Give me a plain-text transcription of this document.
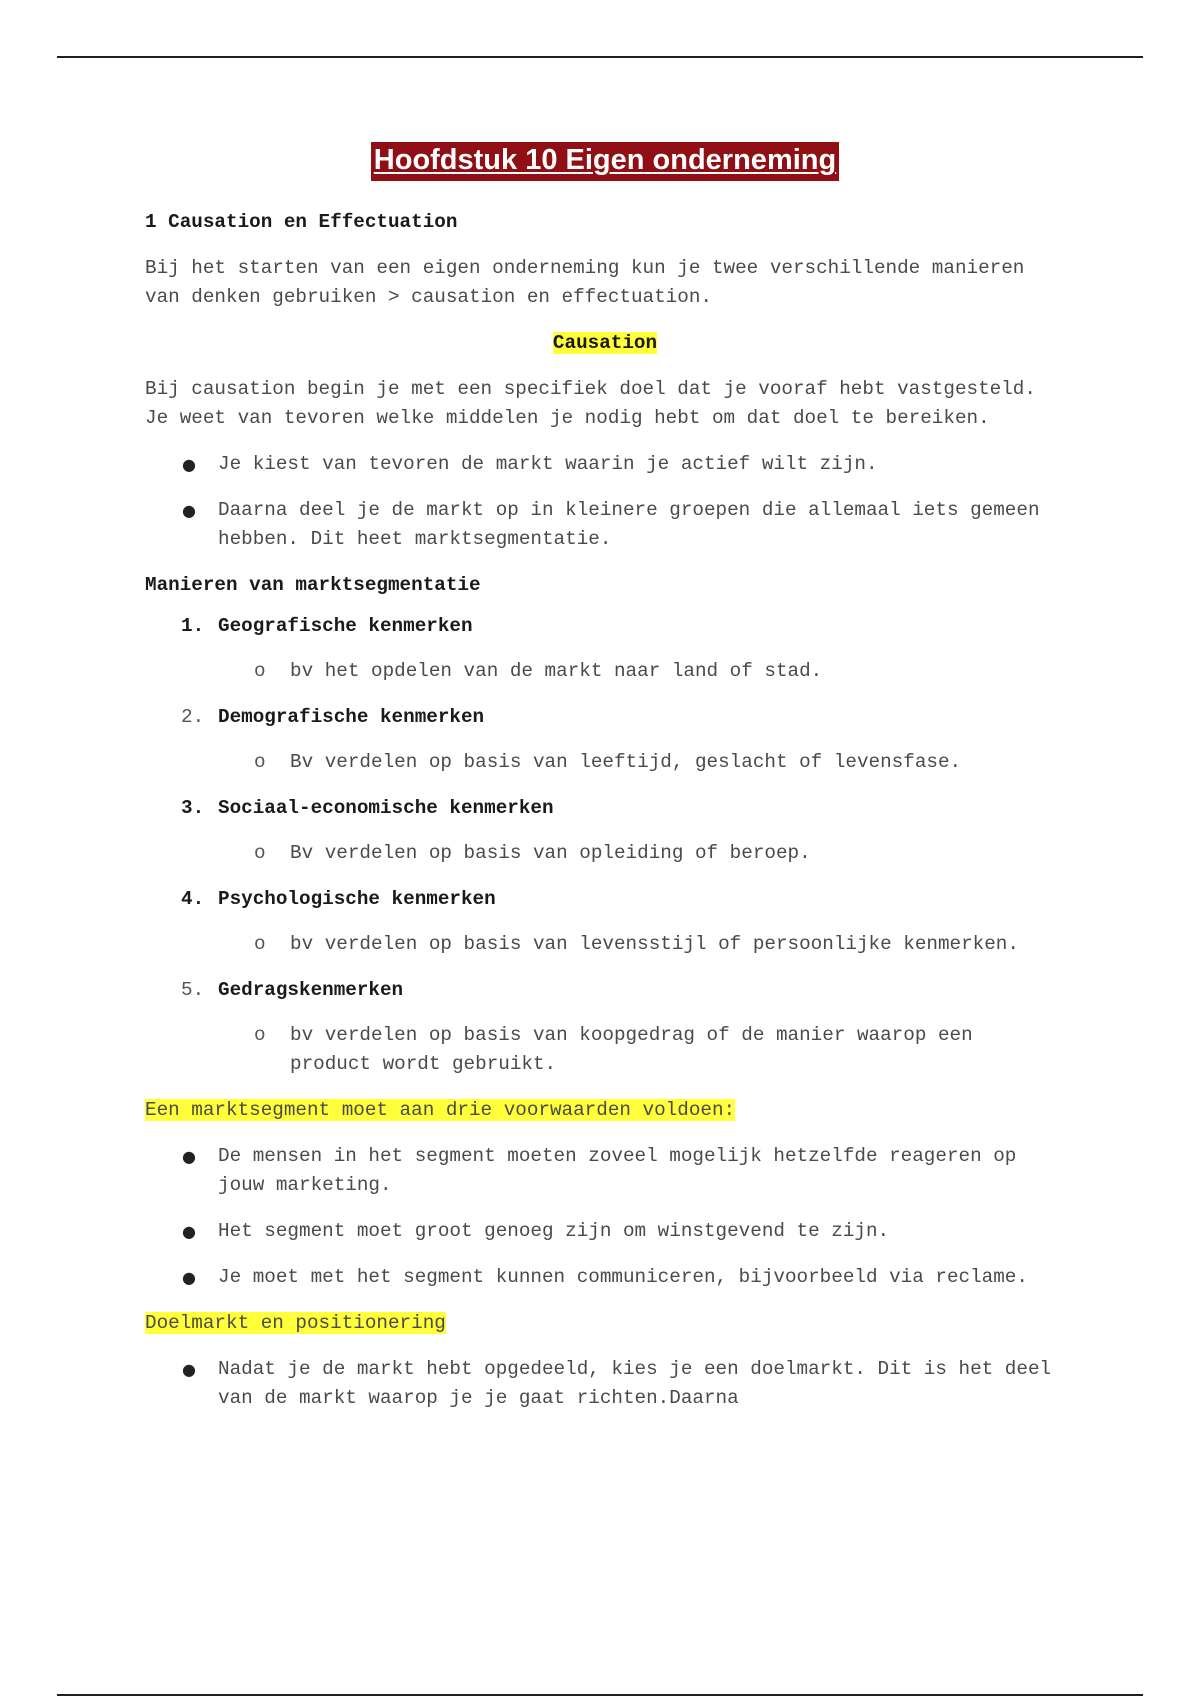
Hoofdstuk 10 Eigen onderneming
1 Causation en Effectuation
Bij het starten van een eigen onderneming kun je twee verschillende manieren van denken gebruiken > causation en effectuation.
Causation
Bij causation begin je met een specifiek doel dat je vooraf hebt vastgesteld. Je weet van tevoren welke middelen je nodig hebt om dat doel te bereiken.
● Je kiest van tevoren de markt waarin je actief wilt zijn.
● Daarna deel je de markt op in kleinere groepen die allemaal iets gemeen hebben. Dit heet marktsegmentatie.
Manieren van marktsegmentatie
1. Geografische kenmerken
o bv het opdelen van de markt naar land of stad.
2. Demografische kenmerken
o Bv verdelen op basis van leeftijd, geslacht of levensfase.
3. Sociaal-economische kenmerken
o Bv verdelen op basis van opleiding of beroep.
4. Psychologische kenmerken
o bv verdelen op basis van levensstijl of persoonlijke kenmerken.
5. Gedragskenmerken
o bv verdelen op basis van koopgedrag of de manier waarop een product wordt gebruikt.
Een marktsegment moet aan drie voorwaarden voldoen:
● De mensen in het segment moeten zoveel mogelijk hetzelfde reageren op jouw marketing.
● Het segment moet groot genoeg zijn om winstgevend te zijn.
● Je moet met het segment kunnen communiceren, bijvoorbeeld via reclame.
Doelmarkt en positionering
● Nadat je de markt hebt opgedeeld, kies je een doelmarkt. Dit is het deel van de markt waarop je je gaat richten.Daarna
